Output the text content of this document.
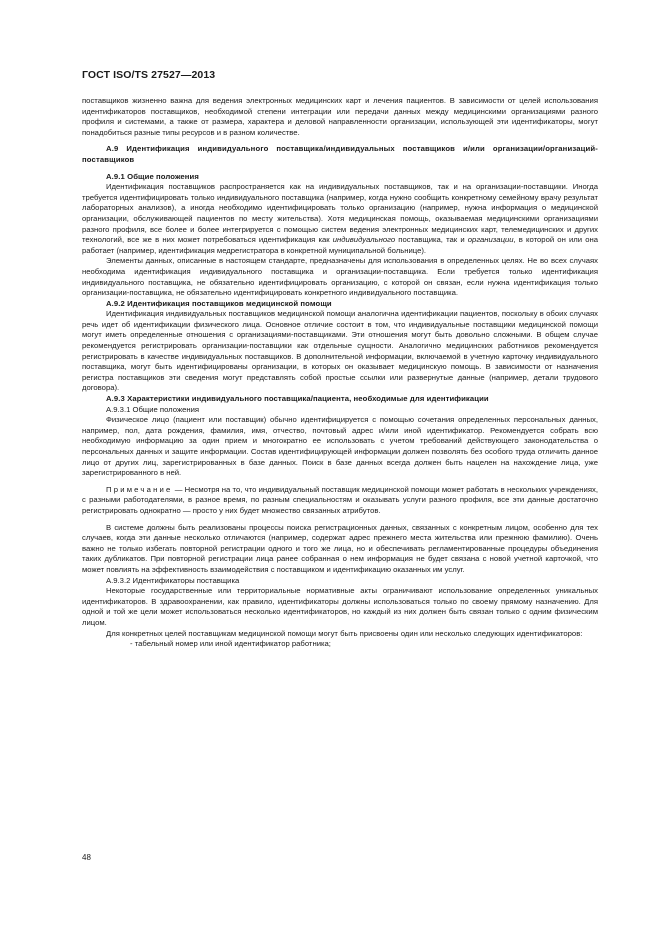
ГОСТ ISO/TS 27527—2013

поставщиков жизненно важна для ведения электронных медицинских карт и лечения пациентов. В зависимости от целей использования идентификаторов поставщиков, необходимой степени интеграции или передачи данных между медицинскими организациями разного профиля и системами, а также от размера, характера и деловой направленности организации, использующей эти идентификаторы, могут понадобиться разные типы ресурсов и в разном количестве.

А.9 Идентификация индивидуального поставщика/индивидуальных поставщиков и/или организации/организаций-поставщиков

А.9.1 Общие положения

Идентификация поставщиков распространяется как на индивидуальных поставщиков, так и на организации-поставщики. Иногда требуется идентифицировать только индивидуального поставщика (например, когда нужно сообщить конкретному семейному врачу результат лабораторных анализов), а иногда необходимо идентифицировать только организацию (например, нужна информация о медицинской организации, обслуживающей пациентов по месту жительства). Хотя медицинская помощь, оказываемая медицинскими организациями разного профиля, все более и более интегрируется с помощью систем ведения электронных медицинских карт, телемедицинских и других технологий, все же в них может потребоваться идентификация как индивидуального поставщика, так и организации, в которой он или она работает (например, идентификация медрегистратора в конкретной муниципальной больнице).

Элементы данных, описанные в настоящем стандарте, предназначены для использования в определенных целях. Не во всех случаях необходима идентификация индивидуального поставщика и организации-поставщика. Если требуется только идентификация индивидуального поставщика, не обязательно идентифицировать организацию, с которой он связан, если нужна идентификация только организации-поставщика, не обязательно идентифицировать конкретного индивидуального поставщика.

А.9.2 Идентификация поставщиков медицинской помощи

Идентификация индивидуальных поставщиков медицинской помощи аналогична идентификации пациентов, поскольку в обоих случаях речь идет об идентификации физического лица. Основное отличие состоит в том, что индивидуальные поставщики медицинской помощи могут иметь определенные отношения с организациями-поставщиками. Эти отношения могут быть довольно сложными. В общем случае рекомендуется регистрировать организации-поставщики как отдельные сущности. Аналогично медицинских работников рекомендуется регистрировать в качестве индивидуальных поставщиков. В дополнительной информации, включаемой в учетную карточку индивидуального поставщика, могут быть идентифицированы организации, в которых он оказывает медицинскую помощь. В зависимости от назначения регистра поставщиков эти сведения могут представлять собой простые ссылки или развернутые данные (например, детали трудового договора).

А.9.3 Характеристики индивидуального поставщика/пациента, необходимые для идентификации

А.9.3.1 Общие положения

Физическое лицо (пациент или поставщик) обычно идентифицируется с помощью сочетания определенных персональных данных, например, пол, дата рождения, фамилия, имя, отчество, почтовый адрес и/или иной идентификатор. Рекомендуется собрать всю необходимую информацию за один прием и многократно ее использовать с учетом требований действующего законодательства о персональных данных и защите информации. Состав идентифицирующей информации должен позволять без особого труда отличить данное лицо от других лиц, зарегистрированных в базе данных. Поиск в базе данных всегда должен быть нацелен на нахождение лица, уже зарегистрированного в ней.

Примечание — Несмотря на то, что индивидуальный поставщик медицинской помощи может работать в нескольких учреждениях, с разными работодателями, в разное время, по разным специальностям и оказывать услуги разного профиля, все эти данные достаточно регистрировать однократно — просто у них будет множество связанных атрибутов.

В системе должны быть реализованы процессы поиска регистрационных данных, связанных с конкретным лицом, особенно для тех случаев, когда эти данные несколько отличаются (например, содержат адрес прежнего места жительства или прежнюю фамилию). Очень важно не только избегать повторной регистрации одного и того же лица, но и обеспечивать регламентированные процедуры объединения таких дубликатов. При повторной регистрации лица ранее собранная о нем информация не будет связана с новой учетной карточкой, что может повлиять на эффективность взаимодействия с поставщиком и идентификацию оказанных им услуг.

А.9.3.2 Идентификаторы поставщика

Некоторые государственные или территориальные нормативные акты ограничивают использование определенных уникальных идентификаторов. В здравоохранении, как правило, идентификаторы должны использоваться только по своему прямому назначению. Для одной и той же цели может использоваться несколько идентификаторов, но каждый из них должен быть связан только с одним физическим лицом.

Для конкретных целей поставщикам медицинской помощи могут быть присвоены один или несколько следующих идентификаторов:

- табельный номер или иной идентификатор работника;

48
